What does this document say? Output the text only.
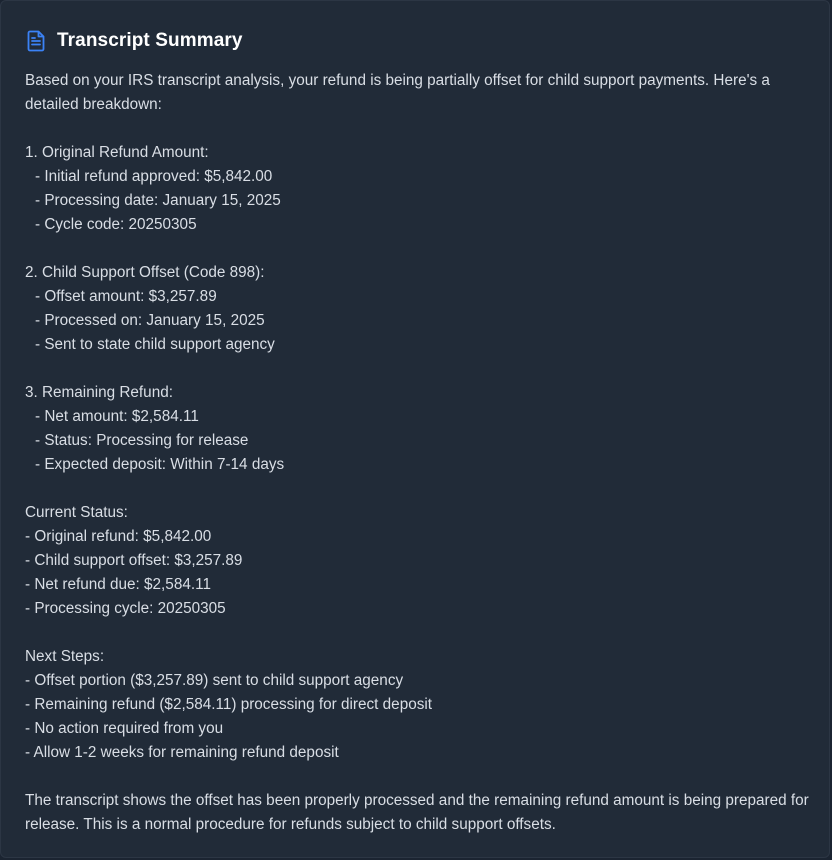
Transcript Summary
Based on your IRS transcript analysis, your refund is being partially offset for child support payments. Here's a detailed breakdown:
1. Original Refund Amount:
- Initial refund approved: $5,842.00
- Processing date: January 15, 2025
- Cycle code: 20250305
2. Child Support Offset (Code 898):
- Offset amount: $3,257.89
- Processed on: January 15, 2025
- Sent to state child support agency
3. Remaining Refund:
- Net amount: $2,584.11
- Status: Processing for release
- Expected deposit: Within 7-14 days
Current Status:
- Original refund: $5,842.00
- Child support offset: $3,257.89
- Net refund due: $2,584.11
- Processing cycle: 20250305
Next Steps:
- Offset portion ($3,257.89) sent to child support agency
- Remaining refund ($2,584.11) processing for direct deposit
- No action required from you
- Allow 1-2 weeks for remaining refund deposit
The transcript shows the offset has been properly processed and the remaining refund amount is being prepared for release. This is a normal procedure for refunds subject to child support offsets.
